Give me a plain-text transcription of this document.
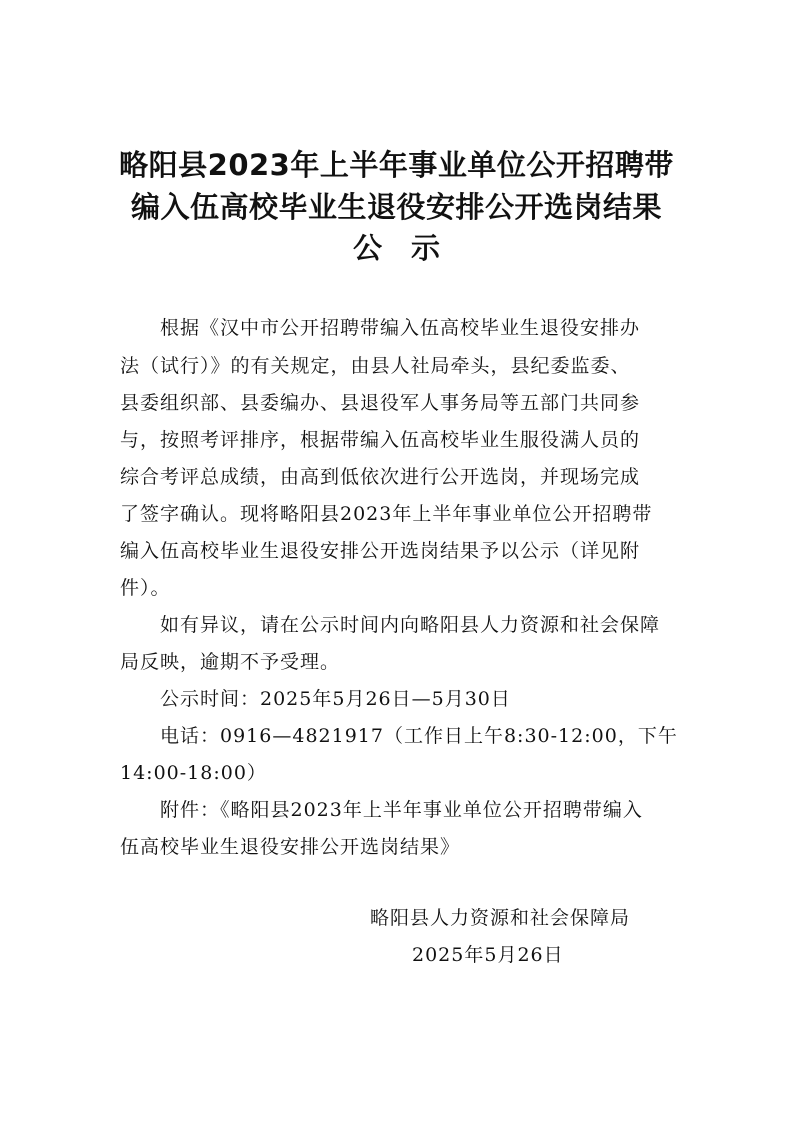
略阳县2023年上半年事业单位公开招聘带
编入伍高校毕业生退役安排公开选岗结果
公　示
　　根据《汉中市公开招聘带编入伍高校毕业生退役安排办
法（试行）》的有关规定，由县人社局牵头，县纪委监委、
县委组织部、县委编办、县退役军人事务局等五部门共同参
与，按照考评排序，根据带编入伍高校毕业生服役满人员的
综合考评总成绩，由高到低依次进行公开选岗，并现场完成
了签字确认。现将略阳县2023年上半年事业单位公开招聘带
编入伍高校毕业生退役安排公开选岗结果予以公示（详见附
件）。
　　如有异议，请在公示时间内向略阳县人力资源和社会保障
局反映，逾期不予受理。
　　公示时间：2025年5月26日—5月30日
　　电话：0916—4821917（工作日上午8:30-12:00，下午
14:00-18:00）
　　附件：《略阳县2023年上半年事业单位公开招聘带编入
伍高校毕业生退役安排公开选岗结果》
略阳县人力资源和社会保障局
2025年5月26日
